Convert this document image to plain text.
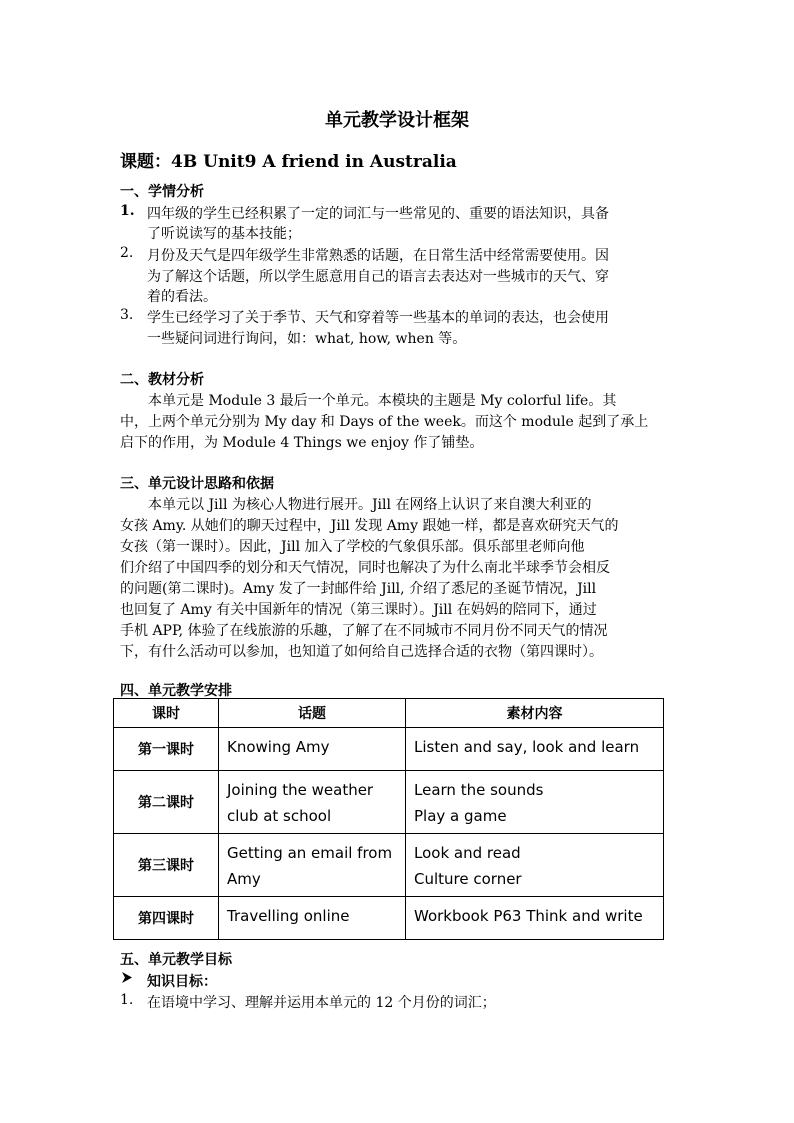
单元教学设计框架
课题：4B Unit9 A friend in Australia
一、学情分析
1. 四年级的学生已经积累了一定的词汇与一些常见的、重要的语法知识，具备
了听说读写的基本技能；
2. 月份及天气是四年级学生非常熟悉的话题，在日常生活中经常需要使用。因
为了解这个话题，所以学生愿意用自己的语言去表达对一些城市的天气、穿
着的看法。
3. 学生已经学习了关于季节、天气和穿着等一些基本的单词的表达，也会使用
一些疑问词进行询问，如：what, how, when 等。
二、教材分析
本单元是 Module 3 最后一个单元。本模块的主题是 My colorful life。其
中，上两个单元分别为 My day 和 Days of the week。而这个 module 起到了承上
启下的作用，为 Module 4 Things we enjoy 作了铺垫。
三、单元设计思路和依据
本单元以 Jill 为核心人物进行展开。Jill 在网络上认识了来自澳大利亚的
女孩 Amy. 从她们的聊天过程中，Jill 发现 Amy 跟她一样，都是喜欢研究天气的
女孩（第一课时）。因此，Jill 加入了学校的气象俱乐部。俱乐部里老师向他
们介绍了中国四季的划分和天气情况，同时也解决了为什么南北半球季节会相反
的问题(第二课时)。Amy 发了一封邮件给 Jill, 介绍了悉尼的圣诞节情况，Jill
也回复了 Amy 有关中国新年的情况（第三课时）。Jill 在妈妈的陪同下，通过
手机 APP, 体验了在线旅游的乐趣，了解了在不同城市不同月份不同天气的情况
下，有什么活动可以参加，也知道了如何给自己选择合适的衣物（第四课时）。
四、单元教学安排
课时	话题	素材内容
第一课时	Knowing Amy	Listen and say, look and learn

第二课时	Joining the weather
club at school	Learn the sounds
Play a game

第三课时	Getting an email from
Amy	Look and read
Culture corner

第四课时	Travelling online	Workbook P63 Think and write
五、单元教学目标
知识目标：
1. 在语境中学习、理解并运用本单元的 12 个月份的词汇；
